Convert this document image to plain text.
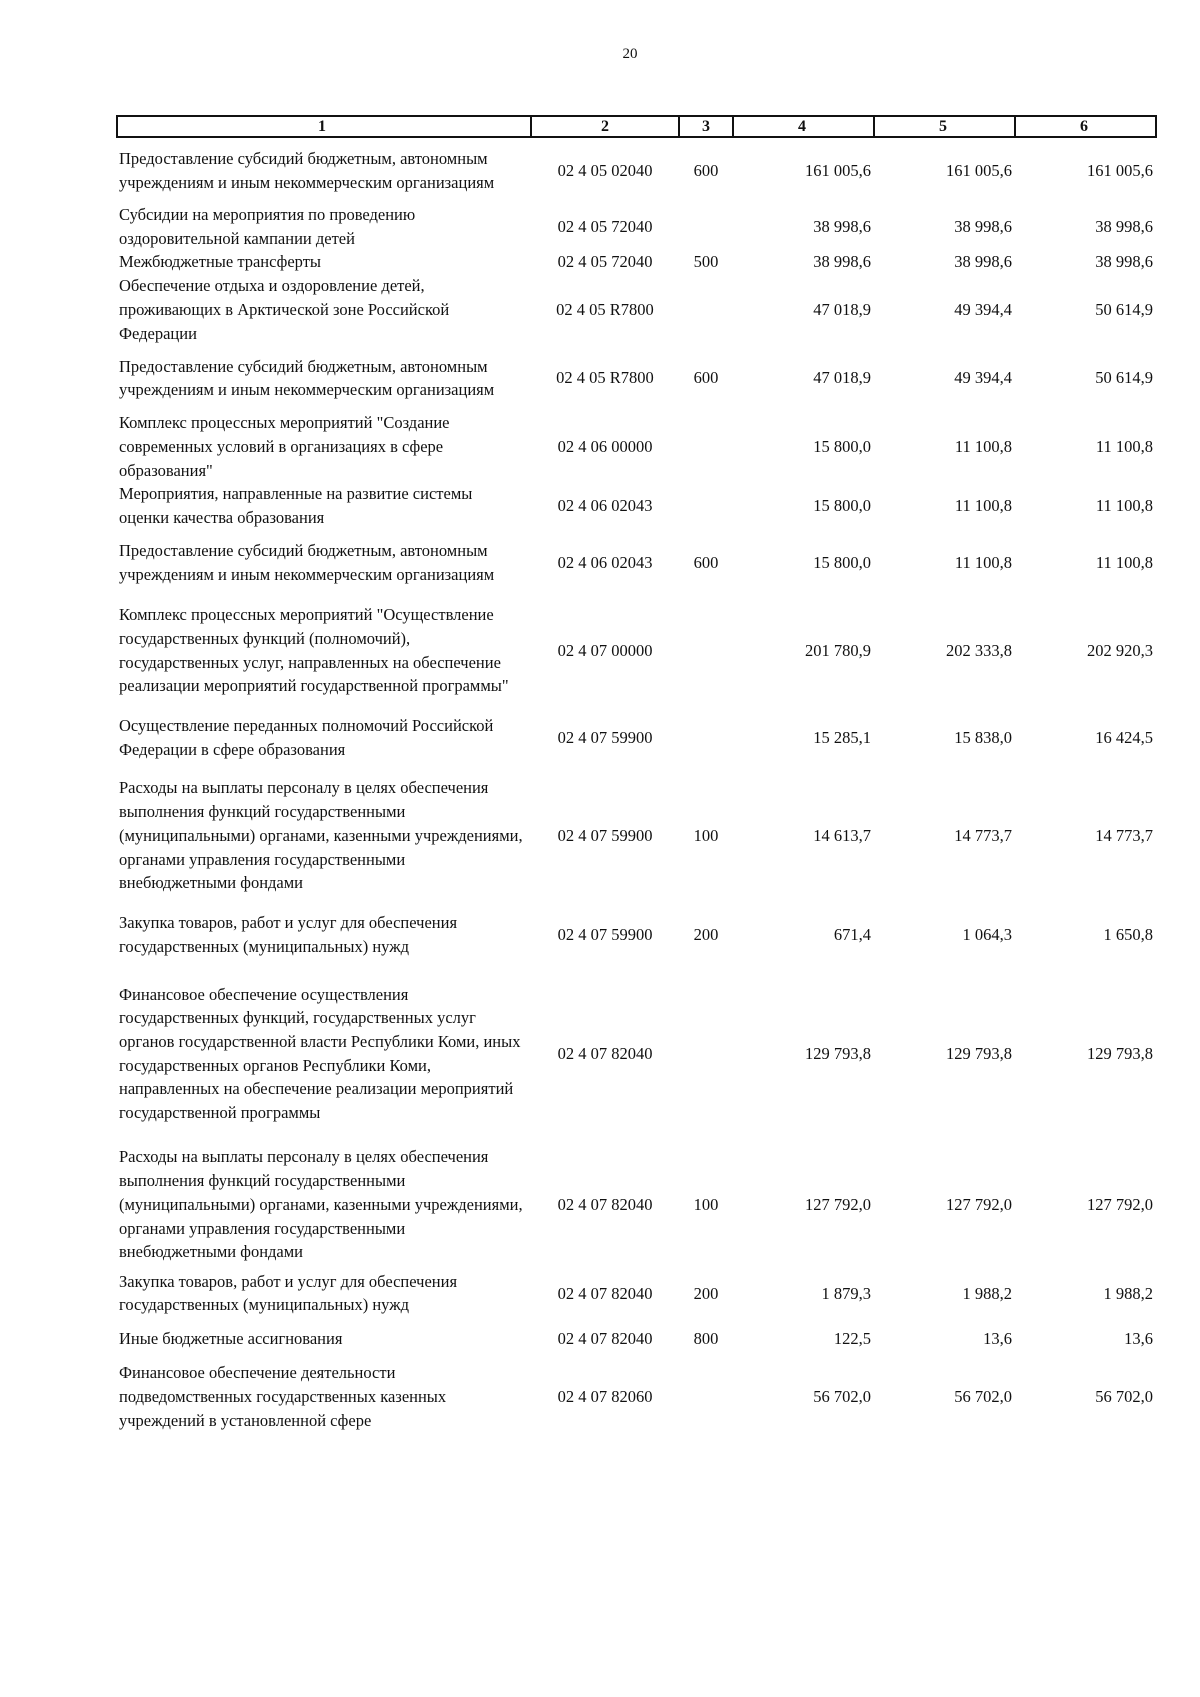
20
1	2	3	4	5	6
Предоставление субсидий бюджетным, автономным учреждениям и иным некоммерческим организациям	02 4 05 02040	600	161 005,6	161 005,6	161 005,6
Субсидии на мероприятия по проведению оздоровительной кампании детей	02 4 05 72040		38 998,6	38 998,6	38 998,6
Межбюджетные трансферты	02 4 05 72040	500	38 998,6	38 998,6	38 998,6
Обеспечение отдыха и оздоровление детей, проживающих в Арктической зоне Российской Федерации	02 4 05 R7800		47 018,9	49 394,4	50 614,9
Предоставление субсидий бюджетным, автономным учреждениям и иным некоммерческим организациям	02 4 05 R7800	600	47 018,9	49 394,4	50 614,9
Комплекс процессных мероприятий "Создание современных условий в организациях в сфере образования"	02 4 06 00000		15 800,0	11 100,8	11 100,8
Мероприятия, направленные на развитие системы оценки качества образования	02 4 06 02043		15 800,0	11 100,8	11 100,8
Предоставление субсидий бюджетным, автономным учреждениям и иным некоммерческим организациям	02 4 06 02043	600	15 800,0	11 100,8	11 100,8
Комплекс процессных мероприятий "Осуществление государственных функций (полномочий), государственных услуг, направленных на обеспечение реализации мероприятий государственной программы"	02 4 07 00000		201 780,9	202 333,8	202 920,3
Осуществление переданных полномочий Российской Федерации в сфере образования	02 4 07 59900		15 285,1	15 838,0	16 424,5
Расходы на выплаты персоналу в целях обеспечения выполнения функций государственными (муниципальными) органами, казенными учреждениями, органами управления государственными внебюджетными фондами	02 4 07 59900	100	14 613,7	14 773,7	14 773,7
Закупка товаров, работ и услуг для обеспечения государственных (муниципальных) нужд	02 4 07 59900	200	671,4	1 064,3	1 650,8
Финансовое обеспечение осуществления государственных функций, государственных услуг органов государственной власти Республики Коми, иных государственных органов Республики Коми, направленных на обеспечение реализации мероприятий государственной программы	02 4 07 82040		129 793,8	129 793,8	129 793,8
Расходы на выплаты персоналу в целях обеспечения выполнения функций государственными (муниципальными) органами, казенными учреждениями, органами управления государственными внебюджетными фондами	02 4 07 82040	100	127 792,0	127 792,0	127 792,0
Закупка товаров, работ и услуг для обеспечения государственных (муниципальных) нужд	02 4 07 82040	200	1 879,3	1 988,2	1 988,2
Иные бюджетные ассигнования	02 4 07 82040	800	122,5	13,6	13,6
Финансовое обеспечение деятельности подведомственных государственных казенных учреждений в установленной сфере	02 4 07 82060		56 702,0	56 702,0	56 702,0
